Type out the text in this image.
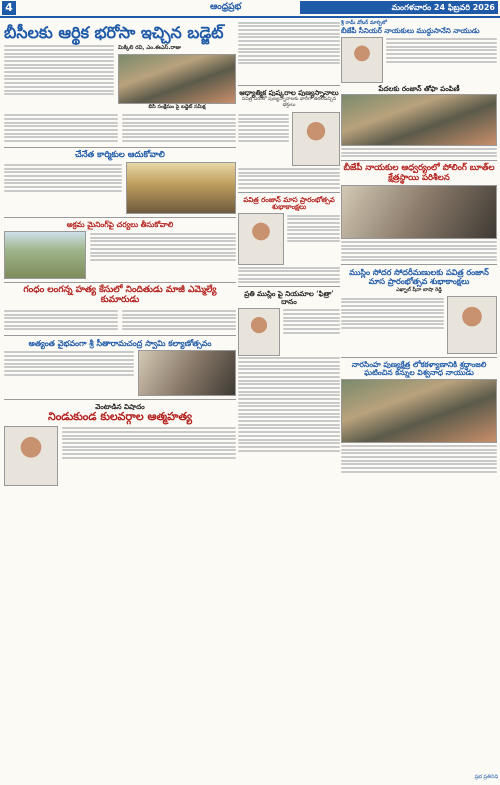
4	ఆంధ్రప్రభ	మంగళవారం 24 ఫిబ్రవరి 2026
బీసీలకు ఆర్థిక భరోసా ఇచ్చిన బడ్జెట్
మిక్కిలి రవి, ఎం.ఈఎస్.రాజు
బీసీ సంక్షేమం పై బడ్జెట్ సమీక్ష
చేనేత కార్మికుల ఆదుకోవాలి
అక్రమ మైనింగ్‌పై చర్యలు తీసుకోవాలి
గంధం లంగన్న హత్య కేసులో నిందితుడు మాజీ ఎమ్మెల్యే కుమారుడు
అత్యంత వైభవంగా శ్రీ సీతారామచంద్ర స్వామి కల్యాణోత్సవం
వెంటాడిన విషాదం
నిండుకుండ కులవర్గాల ఆత్మహత్య
ఆధ్యాత్మిక పుష్కరాల పుణ్యస్నానాలు
పవిత్ర ఏరులో పుణ్యస్నానాలకు భారీగా తరలివచ్చిన భక్తులు
పవిత్ర రంజాన్ మాస ప్రారంభోత్సవ శుభాకాంక్షలు
ప్రతి ముస్లిం పై నియమాల ‘ఫిత్రా’ దానం
శ్రీ రామ్ వోటర్ మార్చిలో
బీజేపీ సీనియర్ నాయకులు ముద్దుసానేని నాయుడు
పేదలకు రంజాన్ తోఫా పంపిణీ
బీజేపీ నాయకుల ఆధ్వర్యంలో పోలింగ్ బూత్‌ల క్షేత్రస్థాయి పరిశీలన
ముస్లిం సోదర సోదరీమణులకు పవిత్ర రంజాన్ మాస ప్రారంభోత్సవ శుభాకాంక్షలు
ఎఖ్బాల్ షీనా బాషా రెడ్డి
నారసింహ పుణ్యక్షేత్ర లోకకళ్యాణానికి శ్రద్ధాంజలి ఘటించిన కన్నుల విశ్వనాధ నాయుడు
ప్రభ ప్రతినిధి
